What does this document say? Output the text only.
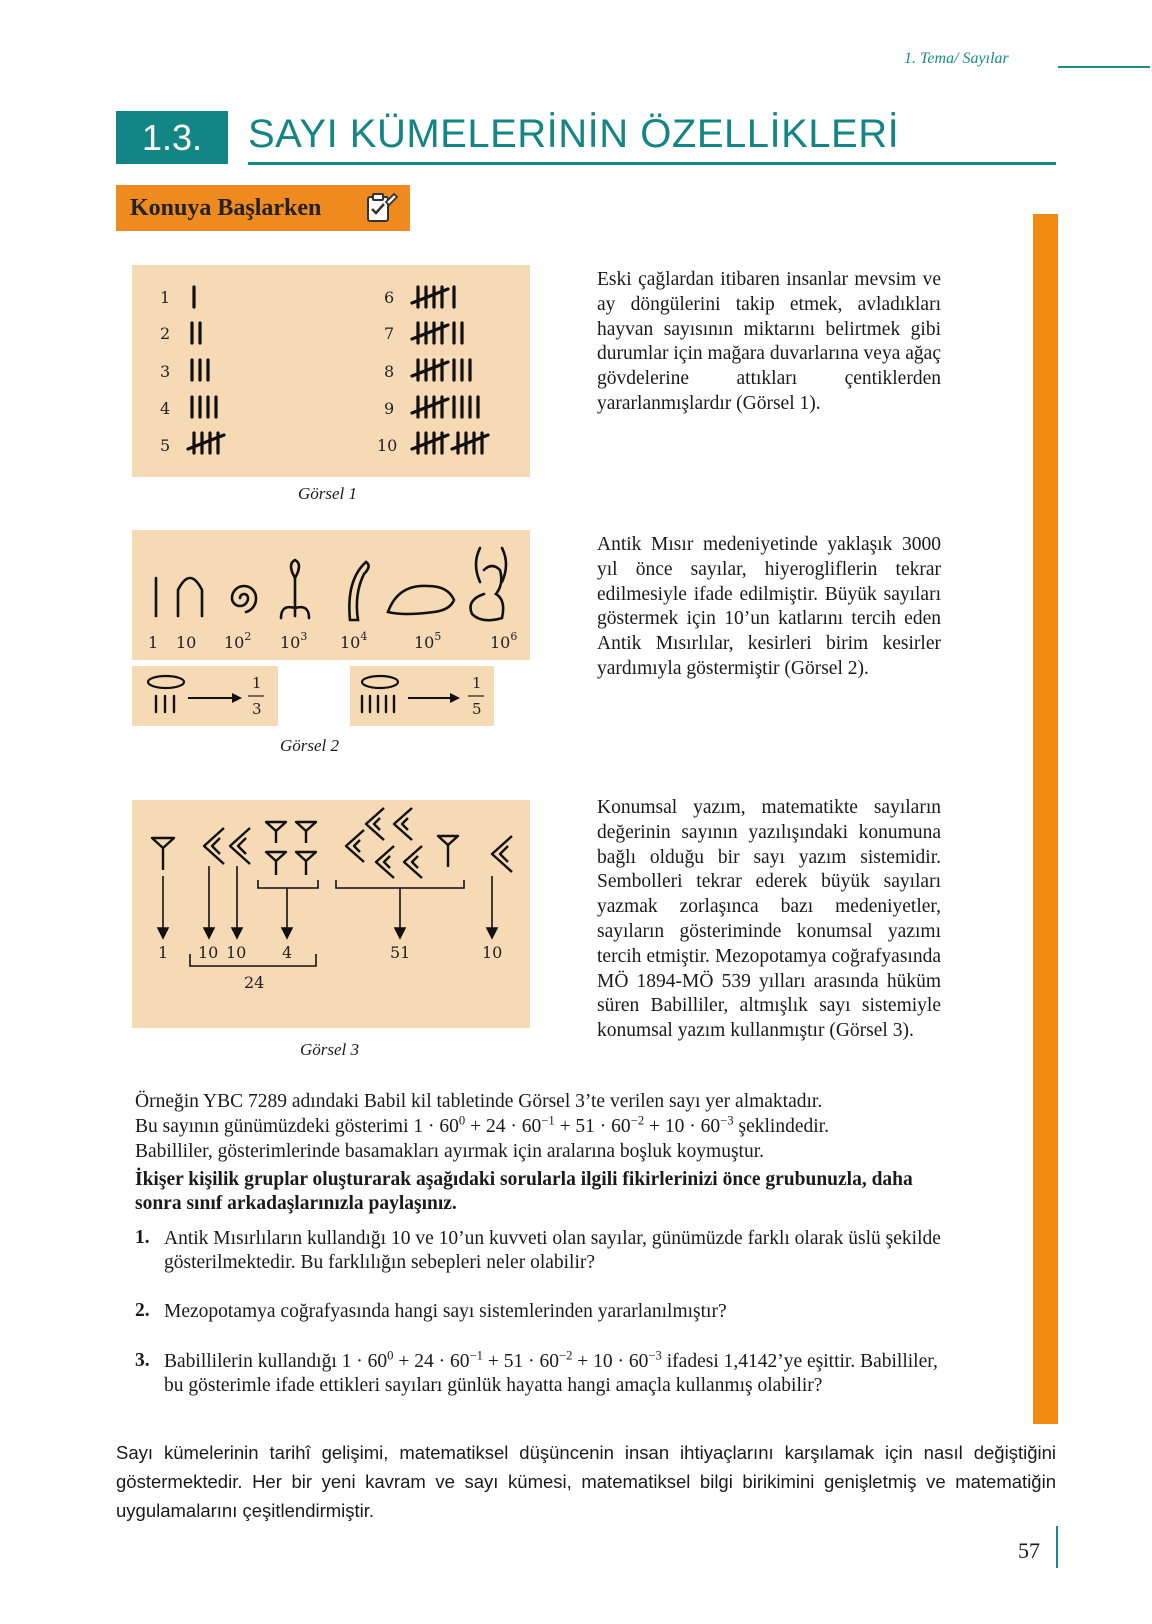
1. Tema/ Sayılar
1.3.	SAYI KÜMELERİNİN ÖZELLİKLERİ
Konuya Başlarken
1
2
3
4
5
6
7
8
9
10
Görsel 1
Eski çağlardan itibaren insanlar mevsim ve ay döngülerini takip etmek, avladıkları hayvan sayısının miktarını belirtmek gibi durumlar için mağara duvarlarına veya ağaç gövdelerine attıkları çentiklerden yararlanmışlardır (Görsel 1).
1 10 $10^2$ $10^3$ $10^4$	$10^5$	$10^6$
1
3
1
5
Görsel 2
Antik Mısır medeniyetinde yaklaşık 3000 yıl önce sayılar, hiyerogliflerin tekrar edilmesiyle ifade edilmiştir. Büyük sayıları göstermek için 10’un katlarını tercih eden Antik Mısırlılar, kesirleri birim kesirler yardımıyla göstermiştir (Görsel 2).
1 10 10 4	51	10
24
Görsel 3
Konumsal yazım, matematikte sayıların değerinin sayının yazılışındaki konumuna bağlı olduğu bir sayı yazım sistemidir. Sembolleri tekrar ederek büyük sayıları yazmak zorlaşınca bazı medeniyetler, sayıların gösteriminde konumsal yazımı tercih etmiştir. Mezopotamya coğrafyasında MÖ 1894-MÖ 539 yılları arasında hüküm süren Babilliler, altmışlık sayı sistemiyle konumsal yazım kullanmıştır (Görsel 3).
Örneğin YBC 7289 adındaki Babil kil tabletinde Görsel 3’te verilen sayı yer almaktadır.
Bu sayının günümüzdeki gösterimi $1 \cdot 60^0 + 24 \cdot 60^{-1} + 51 \cdot 60^{-2} + 10 \cdot 60^{-3}$ şeklindedir.
Babilliler, gösterimlerinde basamakları ayırmak için aralarına boşluk koymuştur.
İkişer kişilik gruplar oluşturarak aşağıdaki sorularla ilgili fikirlerinizi önce grubunuzla, daha sonra sınıf arkadaşlarınızla paylaşınız.
1. Antik Mısırlıların kullandığı 10 ve 10’un kuvveti olan sayılar, günümüzde farklı olarak üslü şekilde gösterilmektedir. Bu farklılığın sebepleri neler olabilir?
2. Mezopotamya coğrafyasında hangi sayı sistemlerinden yararlanılmıştır?
3. Babillilerin kullandığı $1 \cdot 60^0 + 24 \cdot 60^{-1} + 51 \cdot 60^{-2} + 10 \cdot 60^{-3}$ ifadesi 1,4142’ye eşittir. Babilliler, bu gösterimle ifade ettikleri sayıları günlük hayatta hangi amaçla kullanmış olabilir?
Sayı kümelerinin tarihî gelişimi, matematiksel düşüncenin insan ihtiyaçlarını karşılamak için nasıl değiştiğini göstermektedir. Her bir yeni kavram ve sayı kümesi, matematiksel bilgi birikimini genişletmiş ve matematiğin uygulamalarını çeşitlendirmiştir.
57
